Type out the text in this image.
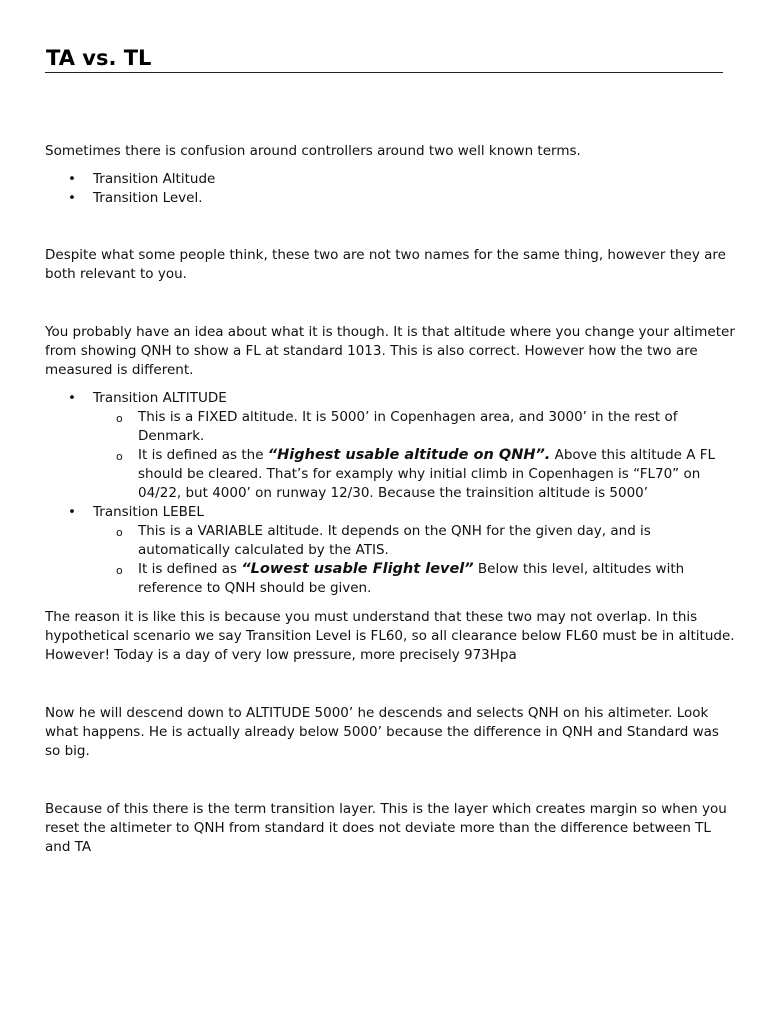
TA vs. TL

Sometimes there is confusion around controllers around two well known terms.

• Transition Altitude
• Transition Level.

Despite what some people think, these two are not two names for the same thing, however they are both relevant to you.

You probably have an idea about what it is though. It is that altitude where you change your altimeter from showing QNH to show a FL at standard 1013. This is also correct. However how the two are measured is different.

• Transition ALTITUDE
o This is a FIXED altitude. It is 5000’ in Copenhagen area, and 3000’ in the rest of Denmark.
o It is defined as the “Highest usable altitude on QNH”. Above this altitude A FL should be cleared. That’s for examply why initial climb in Copenhagen is “FL70” on 04/22, but 4000’ on runway 12/30. Because the trainsition altitude is 5000’
• Transition LEBEL
o This is a VARIABLE altitude. It depends on the QNH for the given day, and is automatically calculated by the ATIS.
o It is defined as “Lowest usable Flight level” Below this level, altitudes with reference to QNH should be given.

The reason it is like this is because you must understand that these two may not overlap. In this hypothetical scenario we say Transition Level is FL60, so all clearance below FL60 must be in altitude. However! Today is a day of very low pressure, more precisely 973Hpa

Now he will descend down to ALTITUDE 5000’ he descends and selects QNH on his altimeter. Look what happens. He is actually already below 5000’ because the difference in QNH and Standard was so big.

Because of this there is the term transition layer. This is the layer which creates margin so when you reset the altimeter to QNH from standard it does not deviate more than the difference between TL and TA
